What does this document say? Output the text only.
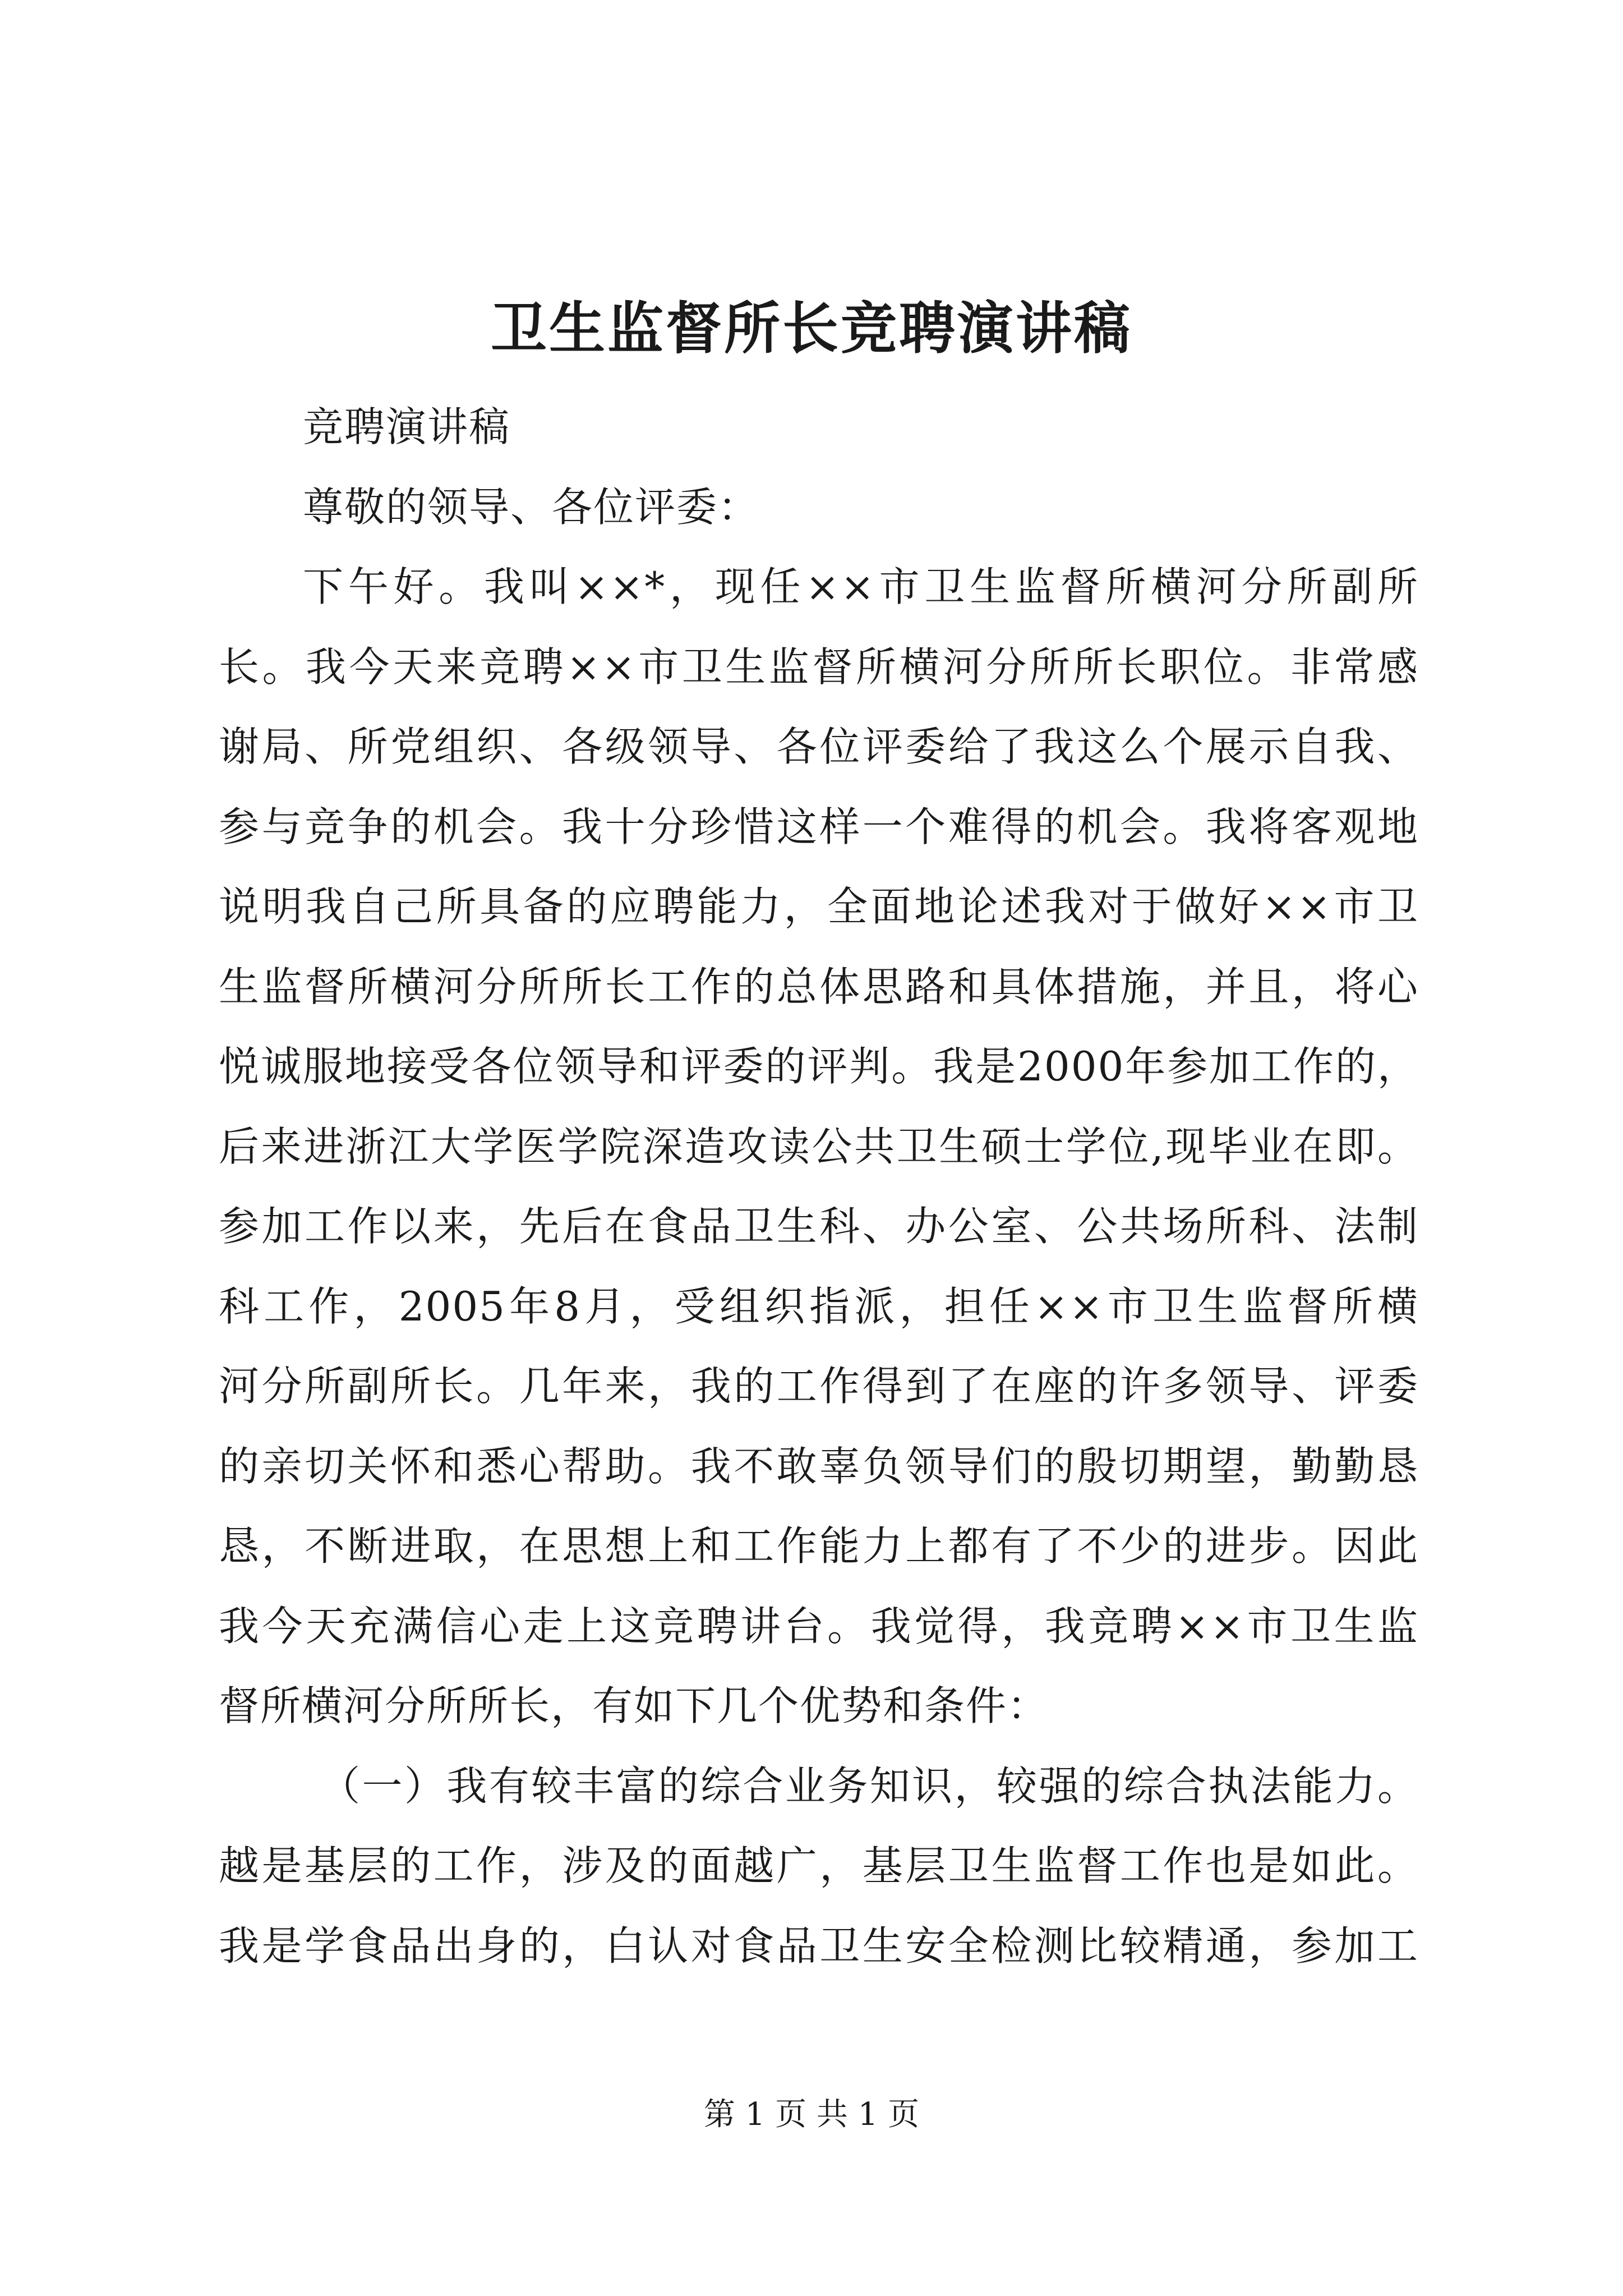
卫生监督所长竞聘演讲稿
竞聘演讲稿
尊敬的领导、各位评委：
下午好。我叫××*，现任××市卫生监督所横河分所副所
长。我今天来竞聘××市卫生监督所横河分所所长职位。非常感
谢局、所党组织、各级领导、各位评委给了我这么个展示自我、
参与竞争的机会。我十分珍惜这样一个难得的机会。我将客观地
说明我自己所具备的应聘能力，全面地论述我对于做好××市卫
生监督所横河分所所长工作的总体思路和具体措施，并且，将心
悦诚服地接受各位领导和评委的评判。我是2000年参加工作的，
后来进浙江大学医学院深造攻读公共卫生硕士学位,现毕业在即。
参加工作以来，先后在食品卫生科、办公室、公共场所科、法制
科工作，2005年8月，受组织指派，担任××市卫生监督所横
河分所副所长。几年来，我的工作得到了在座的许多领导、评委
的亲切关怀和悉心帮助。我不敢辜负领导们的殷切期望，勤勤恳
恳，不断进取，在思想上和工作能力上都有了不少的进步。因此
我今天充满信心走上这竞聘讲台。我觉得，我竞聘××市卫生监
督所横河分所所长，有如下几个优势和条件：
（一）我有较丰富的综合业务知识，较强的综合执法能力。
越是基层的工作，涉及的面越广，基层卫生监督工作也是如此。
我是学食品出身的，白认对食品卫生安全检测比较精通，参加工
第 1 页 共 1 页
